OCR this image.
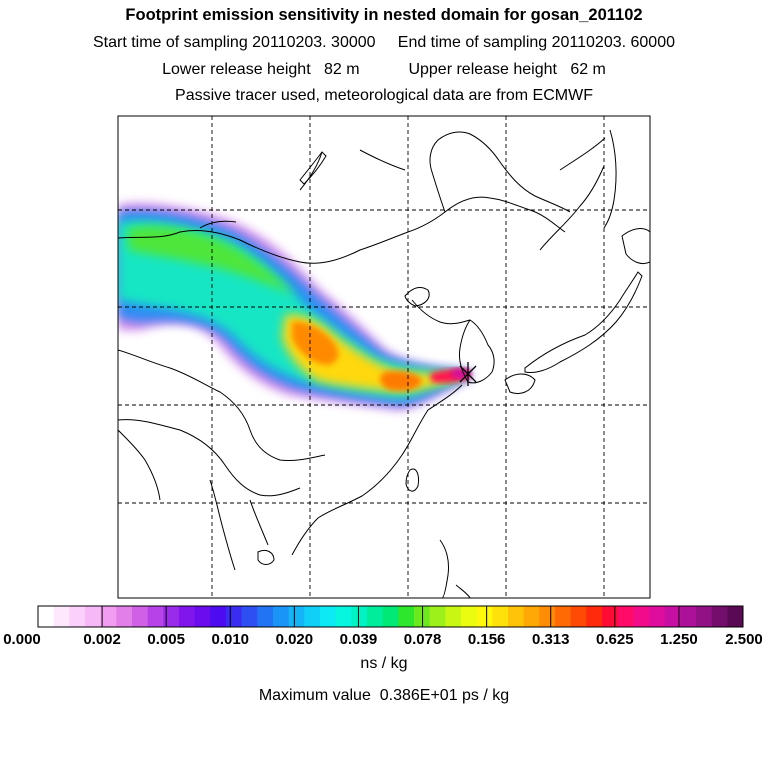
Footprint emission sensitivity in nested domain for gosan_201102
Start time of sampling 20110203. 30000     End time of sampling 20110203. 60000
Lower release height   82 m           Upper release height   62 m
Passive tracer used, meteorological data are from ECMWF
0.000	0.002 0.005 0.010 0.020 0.039 0.078 0.156 0.313 0.625 1.250 2.500
ns / kg
Maximum value  0.386E+01 ps / kg
